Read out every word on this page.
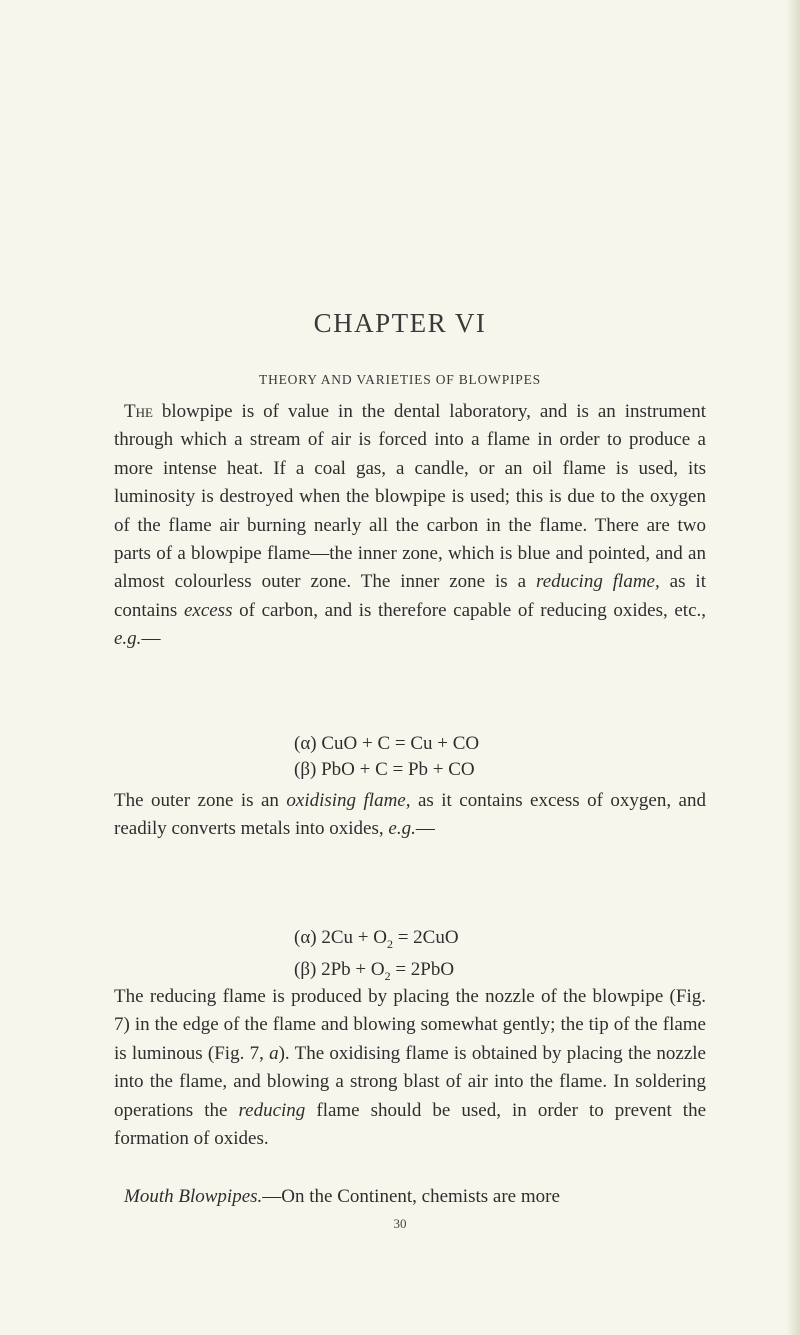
CHAPTER VI
THEORY AND VARIETIES OF BLOWPIPES

The blowpipe is of value in the dental laboratory, and is an instrument through which a stream of air is forced into a flame in order to produce a more intense heat. If a coal gas, a candle, or an oil flame is used, its luminosity is destroyed when the blowpipe is used; this is due to the oxygen of the flame air burning nearly all the carbon in the flame. There are two parts of a blowpipe flame—the inner zone, which is blue and pointed, and an almost colourless outer zone. The inner zone is a reducing flame, as it contains excess of carbon, and is therefore capable of reducing oxides, etc., e.g.—

(α) CuO + C = Cu + CO
(β) PbO + C = Pb + CO

The outer zone is an oxidising flame, as it contains excess of oxygen, and readily converts metals into oxides, e.g.—

(α) $2Cu + O_2 = 2CuO$
(β) $2Pb + O_2 = 2PbO$

The reducing flame is produced by placing the nozzle of the blowpipe (Fig. 7) in the edge of the flame and blowing somewhat gently; the tip of the flame is luminous (Fig. 7, a). The oxidising flame is obtained by placing the nozzle into the flame, and blowing a strong blast of air into the flame. In soldering operations the reducing flame should be used, in order to prevent the formation of oxides.

Mouth Blowpipes.—On the Continent, chemists are more

30
